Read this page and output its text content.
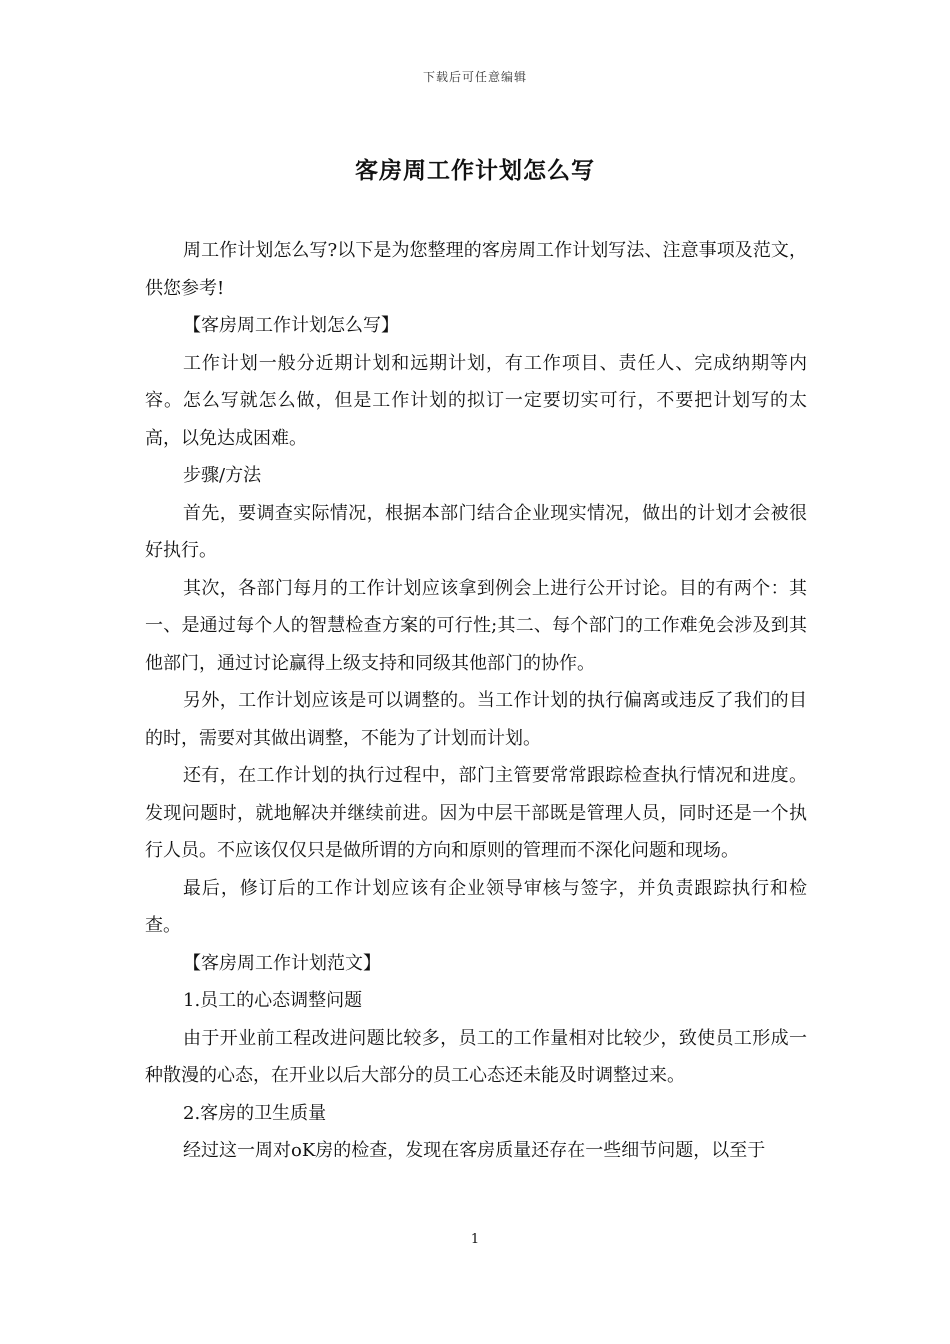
下载后可任意编辑
客房周工作计划怎么写

周工作计划怎么写?以下是为您整理的客房周工作计划写法、注意事项及范文，供您参考!

【客房周工作计划怎么写】

工作计划一般分近期计划和远期计划，有工作项目、责任人、完成纳期等内容。怎么写就怎么做，但是工作计划的拟订一定要切实可行，不要把计划写的太高，以免达成困难。

步骤/方法

首先，要调查实际情况，根据本部门结合企业现实情况，做出的计划才会被很好执行。

其次，各部门每月的工作计划应该拿到例会上进行公开讨论。目的有两个：其一、是通过每个人的智慧检查方案的可行性;其二、每个部门的工作难免会涉及到其他部门，通过讨论赢得上级支持和同级其他部门的协作。

另外，工作计划应该是可以调整的。当工作计划的执行偏离或违反了我们的目的时，需要对其做出调整，不能为了计划而计划。

还有，在工作计划的执行过程中，部门主管要常常跟踪检查执行情况和进度。发现问题时，就地解决并继续前进。因为中层干部既是管理人员，同时还是一个执行人员。不应该仅仅只是做所谓的方向和原则的管理而不深化问题和现场。

最后，修订后的工作计划应该有企业领导审核与签字，并负责跟踪执行和检查。

【客房周工作计划范文】

1.员工的心态调整问题

由于开业前工程改进问题比较多，员工的工作量相对比较少，致使员工形成一种散漫的心态，在开业以后大部分的员工心态还未能及时调整过来。

2.客房的卫生质量

经过这一周对oK房的检查，发现在客房质量还存在一些细节问题，以至于

1
